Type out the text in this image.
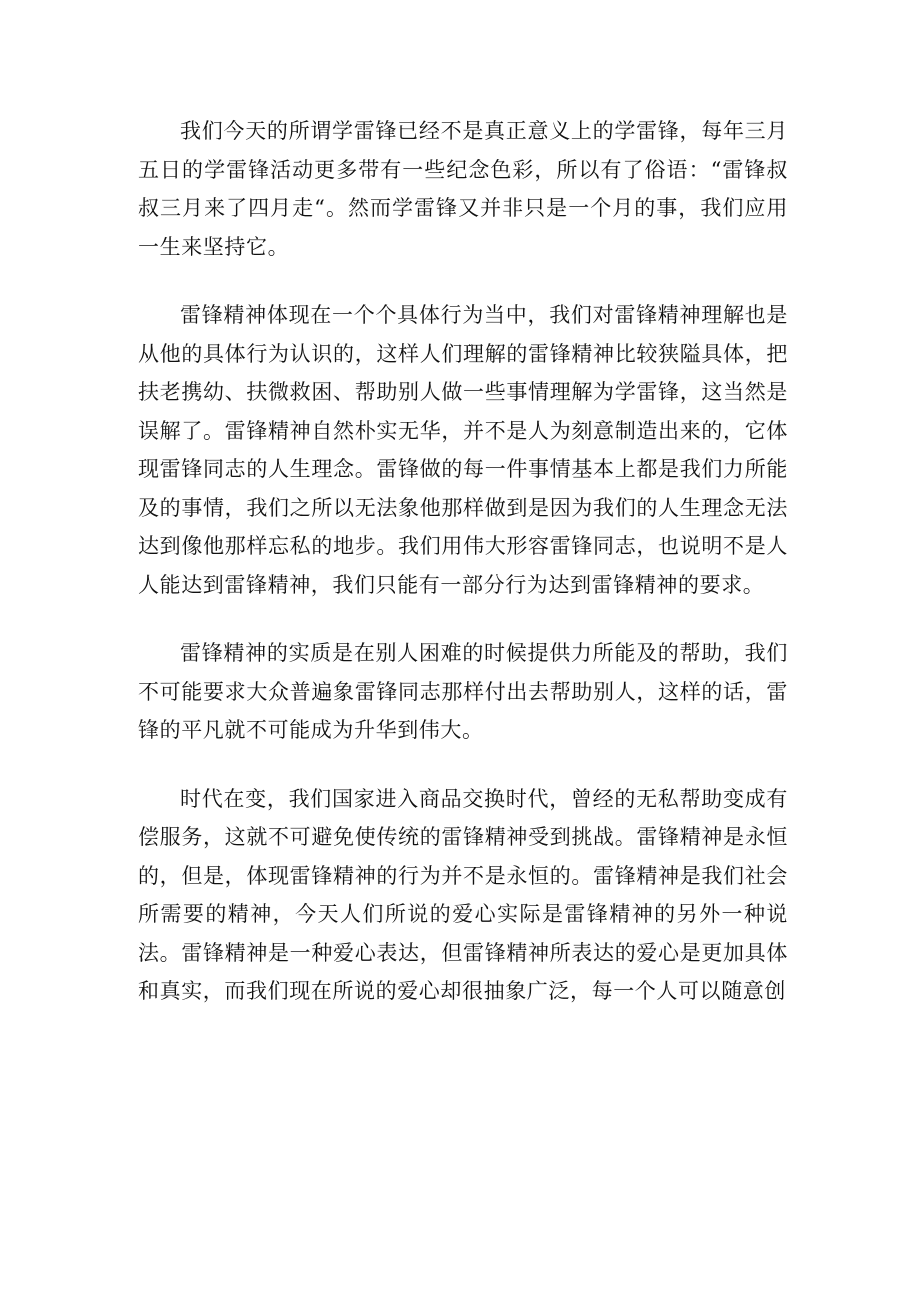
我们今天的所谓学雷锋已经不是真正意义上的学雷锋，每年三月五日的学雷锋活动更多带有一些纪念色彩，所以有了俗语：“雷锋叔叔三月来了四月走“。然而学雷锋又并非只是一个月的事，我们应用一生来坚持它。

雷锋精神体现在一个个具体行为当中，我们对雷锋精神理解也是从他的具体行为认识的，这样人们理解的雷锋精神比较狭隘具体，把扶老携幼、扶微救困、帮助别人做一些事情理解为学雷锋，这当然是误解了。雷锋精神自然朴实无华，并不是人为刻意制造出来的，它体现雷锋同志的人生理念。雷锋做的每一件事情基本上都是我们力所能及的事情，我们之所以无法象他那样做到是因为我们的人生理念无法达到像他那样忘私的地步。我们用伟大形容雷锋同志，也说明不是人人能达到雷锋精神，我们只能有一部分行为达到雷锋精神的要求。

雷锋精神的实质是在别人困难的时候提供力所能及的帮助，我们不可能要求大众普遍象雷锋同志那样付出去帮助别人，这样的话，雷锋的平凡就不可能成为升华到伟大。

时代在变，我们国家进入商品交换时代，曾经的无私帮助变成有偿服务，这就不可避免使传统的雷锋精神受到挑战。雷锋精神是永恒的，但是，体现雷锋精神的行为并不是永恒的。雷锋精神是我们社会所需要的精神，今天人们所说的爱心实际是雷锋精神的另外一种说法。雷锋精神是一种爱心表达，但雷锋精神所表达的爱心是更加具体和真实，而我们现在所说的爱心却很抽象广泛，每一个人可以随意创
